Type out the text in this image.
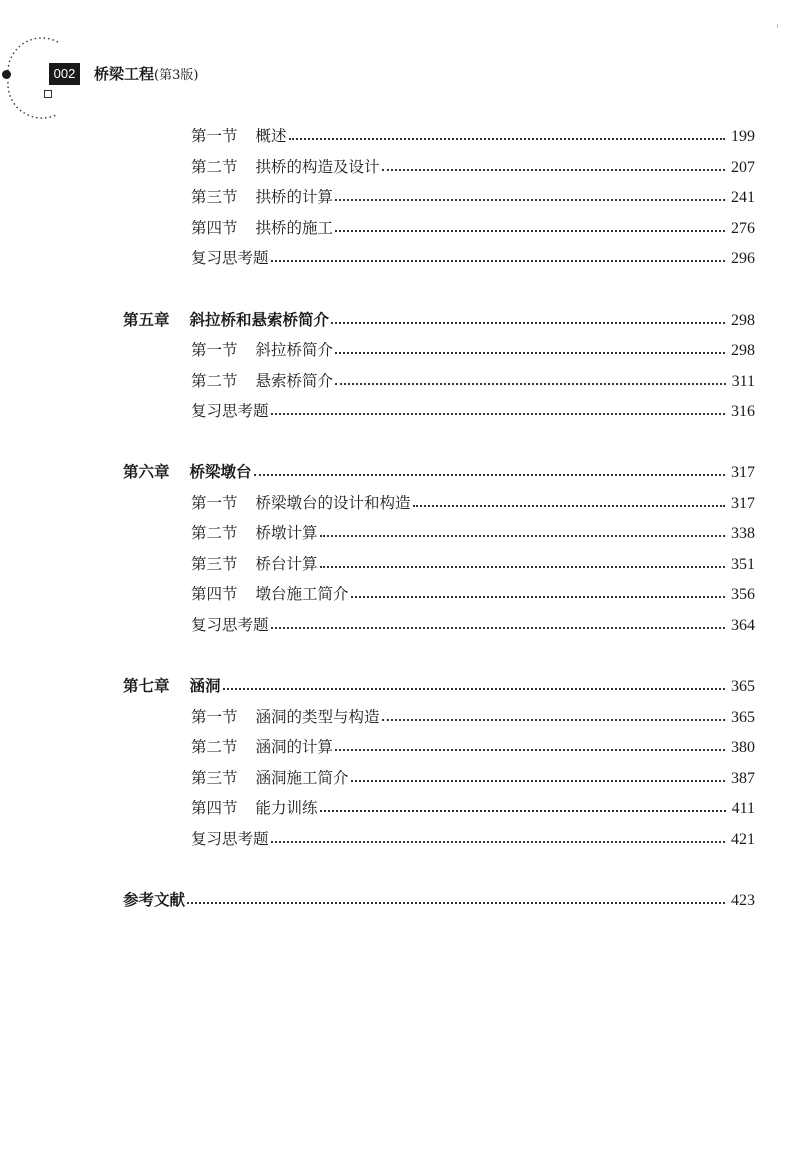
002	桥梁工程(第3版)
第一节 概述	199
第二节 拱桥的构造及设计	207
第三节 拱桥的计算	241
第四节 拱桥的施工	276
复习思考题	296
第五章 斜拉桥和悬索桥简介	298
第一节 斜拉桥简介	298
第二节 悬索桥简介	311
复习思考题	316
第六章 桥梁墩台	317
第一节 桥梁墩台的设计和构造	317
第二节 桥墩计算	338
第三节 桥台计算	351
第四节 墩台施工简介	356
复习思考题	364
第七章 涵洞	365
第一节 涵洞的类型与构造	365
第二节 涵洞的计算	380
第三节 涵洞施工简介	387
第四节 能力训练	411
复习思考题	421
参考文献	423
